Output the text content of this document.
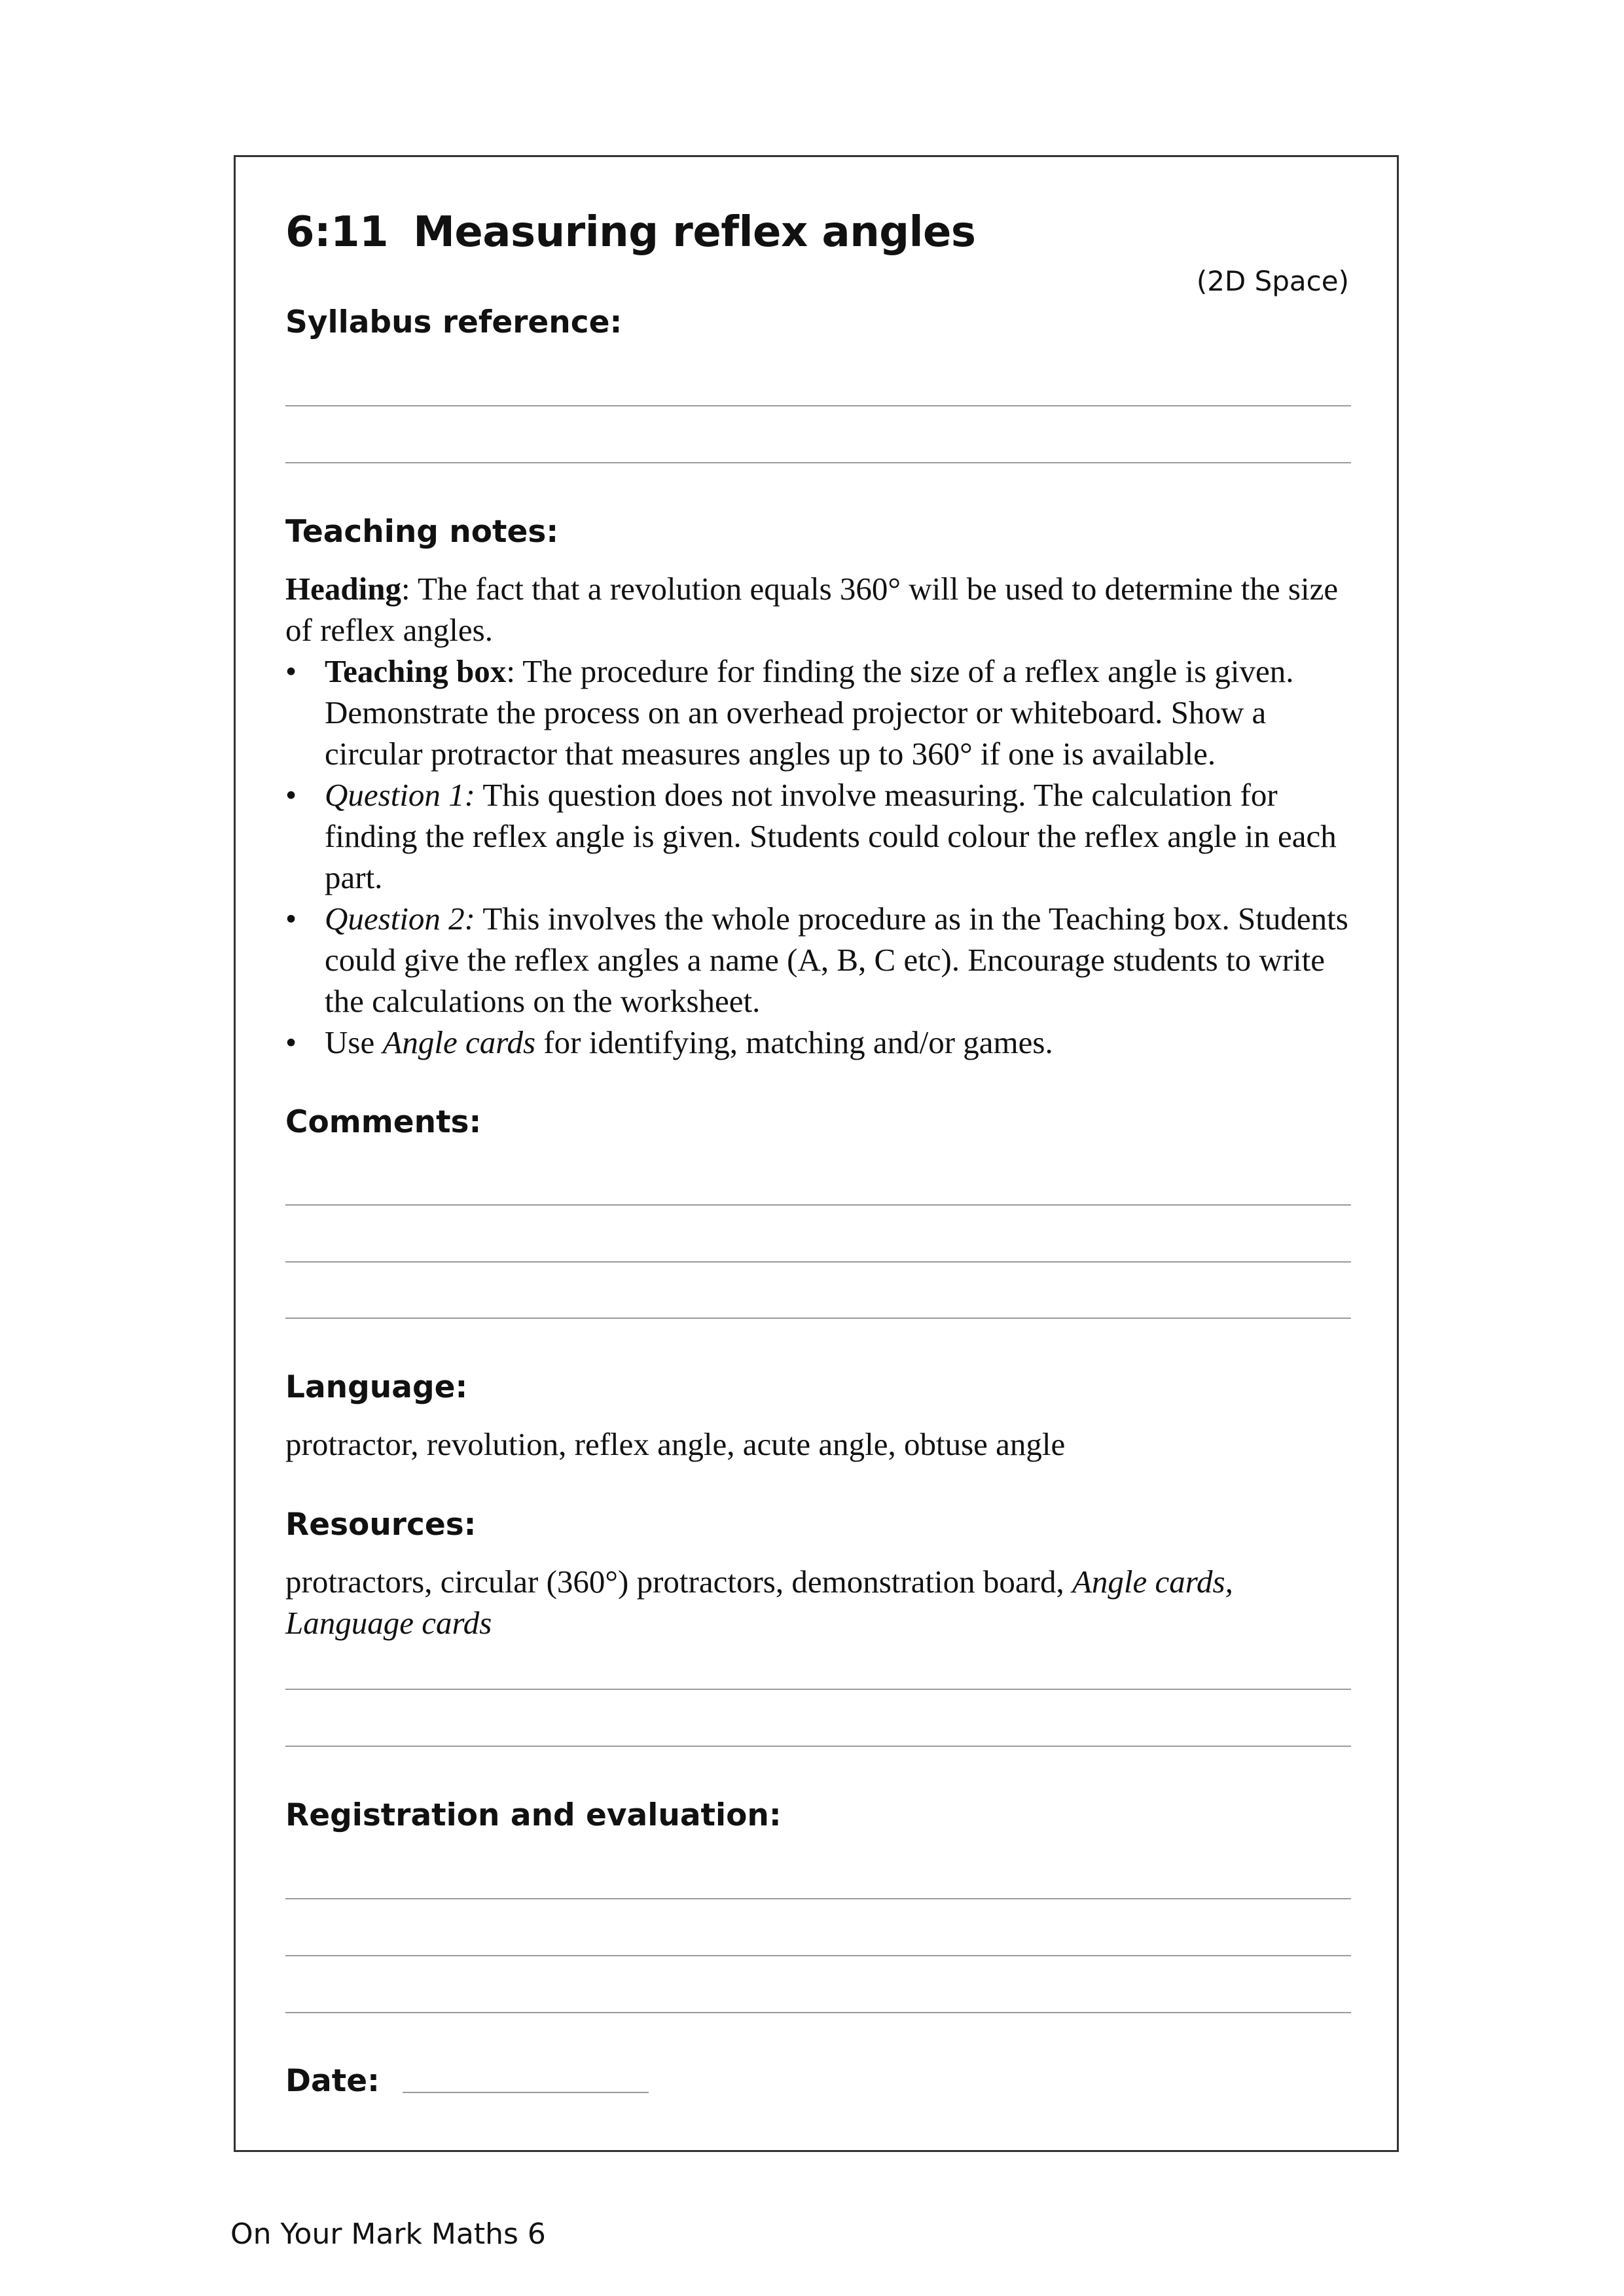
6:11 Measuring reflex angles
(2D Space)
Syllabus reference:
Teaching notes:

Heading: The fact that a revolution equals 360° will be used to determine the size of reflex angles.

• Teaching box: The procedure for finding the size of a reflex angle is given. Demonstrate the process on an overhead projector or whiteboard. Show a circular protractor that measures angles up to 360° if one is available.
• Question 1: This question does not involve measuring. The calculation for finding the reflex angle is given. Students could colour the reflex angle in each part.
• Question 2: This involves the whole procedure as in the Teaching box. Students could give the reflex angles a name (A, B, C etc). Encourage students to write the calculations on the worksheet.
• Use Angle cards for identifying, matching and/or games.
Comments:
Language:
protractor, revolution, reflex angle, acute angle, obtuse angle
Resources:
protractors, circular (360°) protractors, demonstration board, Angle cards, Language cards
Registration and evaluation:
Date:
On Your Mark Maths 6
